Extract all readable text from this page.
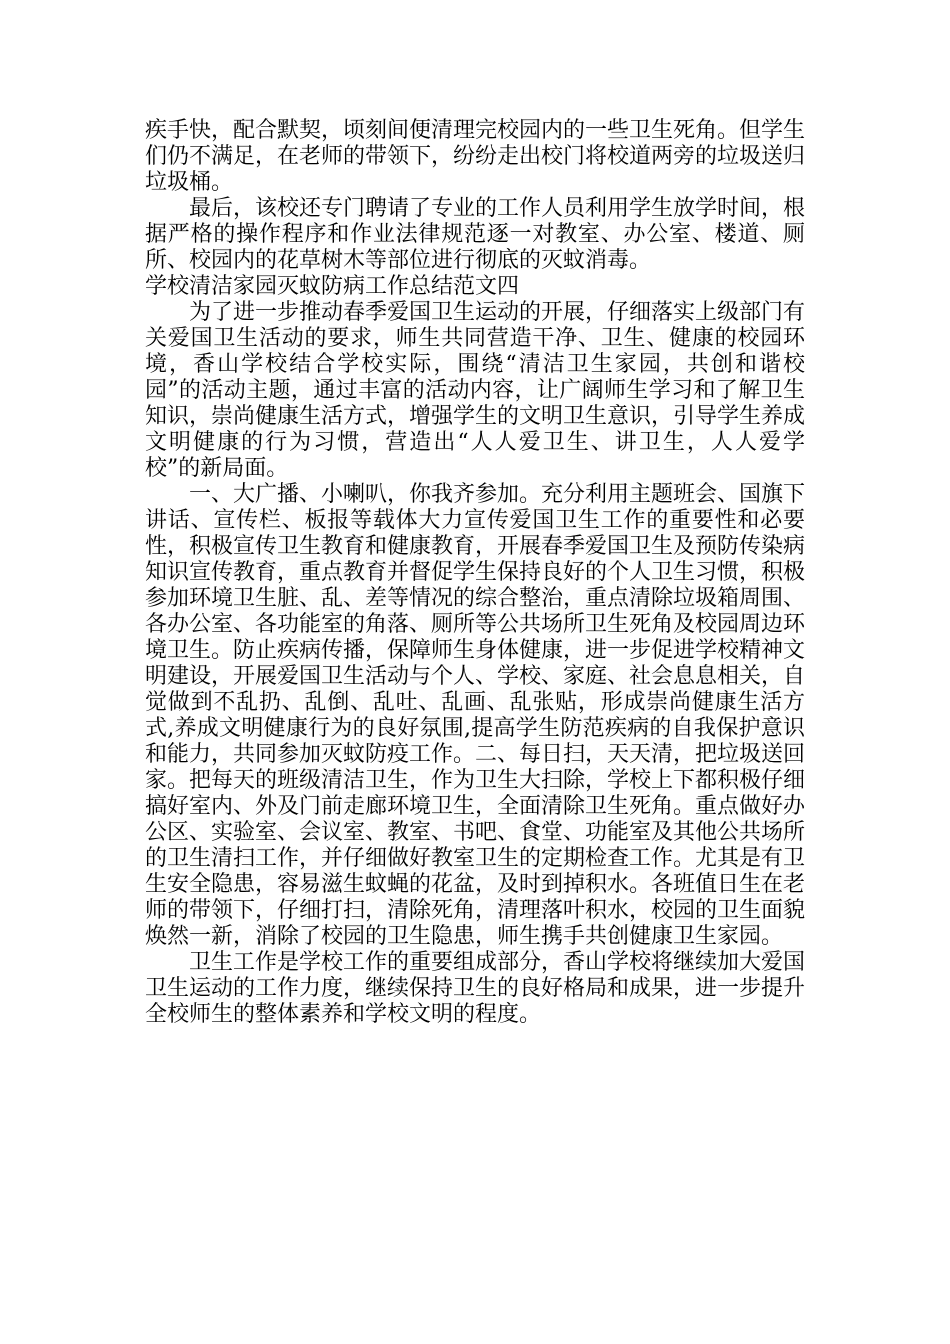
疾手快，配合默契，顷刻间便清理完校园内的一些卫生死角。但学生们仍不满足，在老师的带领下，纷纷走出校门将校道两旁的垃圾送归垃圾桶。

最后，该校还专门聘请了专业的工作人员利用学生放学时间，根据严格的操作程序和作业法律规范逐一对教室、办公室、楼道、厕所、校园内的花草树木等部位进行彻底的灭蚊消毒。

学校清洁家园灭蚊防病工作总结范文四

为了进一步推动春季爱国卫生运动的开展，仔细落实上级部门有关爱国卫生活动的要求，师生共同营造干净、卫生、健康的校园环境，香山学校结合学校实际，围绕“清洁卫生家园，共创和谐校园”的活动主题，通过丰富的活动内容，让广阔师生学习和了解卫生知识，崇尚健康生活方式，增强学生的文明卫生意识，引导学生养成文明健康的行为习惯，营造出“人人爱卫生、讲卫生，人人爱学校”的新局面。

一、大广播、小喇叭，你我齐参加。充分利用主题班会、国旗下讲话、宣传栏、板报等载体大力宣传爱国卫生工作的重要性和必要性，积极宣传卫生教育和健康教育，开展春季爱国卫生及预防传染病知识宣传教育，重点教育并督促学生保持良好的个人卫生习惯，积极参加环境卫生脏、乱、差等情况的综合整治，重点清除垃圾箱周围、各办公室、各功能室的角落、厕所等公共场所卫生死角及校园周边环境卫生。防止疾病传播，保障师生身体健康，进一步促进学校精神文明建设，开展爱国卫生活动与个人、学校、家庭、社会息息相关，自觉做到不乱扔、乱倒、乱吐、乱画、乱张贴，形成崇尚健康生活方式,养成文明健康行为的良好氛围,提高学生防范疾病的自我保护意识和能力，共同参加灭蚊防疫工作。二、每日扫，天天清，把垃圾送回家。把每天的班级清洁卫生，作为卫生大扫除，学校上下都积极仔细搞好室内、外及门前走廊环境卫生，全面清除卫生死角。重点做好办公区、实验室、会议室、教室、书吧、食堂、功能室及其他公共场所的卫生清扫工作，并仔细做好教室卫生的定期检查工作。尤其是有卫生安全隐患，容易滋生蚊蝇的花盆，及时到掉积水。各班值日生在老师的带领下，仔细打扫，清除死角，清理落叶积水，校园的卫生面貌焕然一新，消除了校园的卫生隐患，师生携手共创健康卫生家园。

卫生工作是学校工作的重要组成部分，香山学校将继续加大爱国卫生运动的工作力度，继续保持卫生的良好格局和成果，进一步提升全校师生的整体素养和学校文明的程度。
